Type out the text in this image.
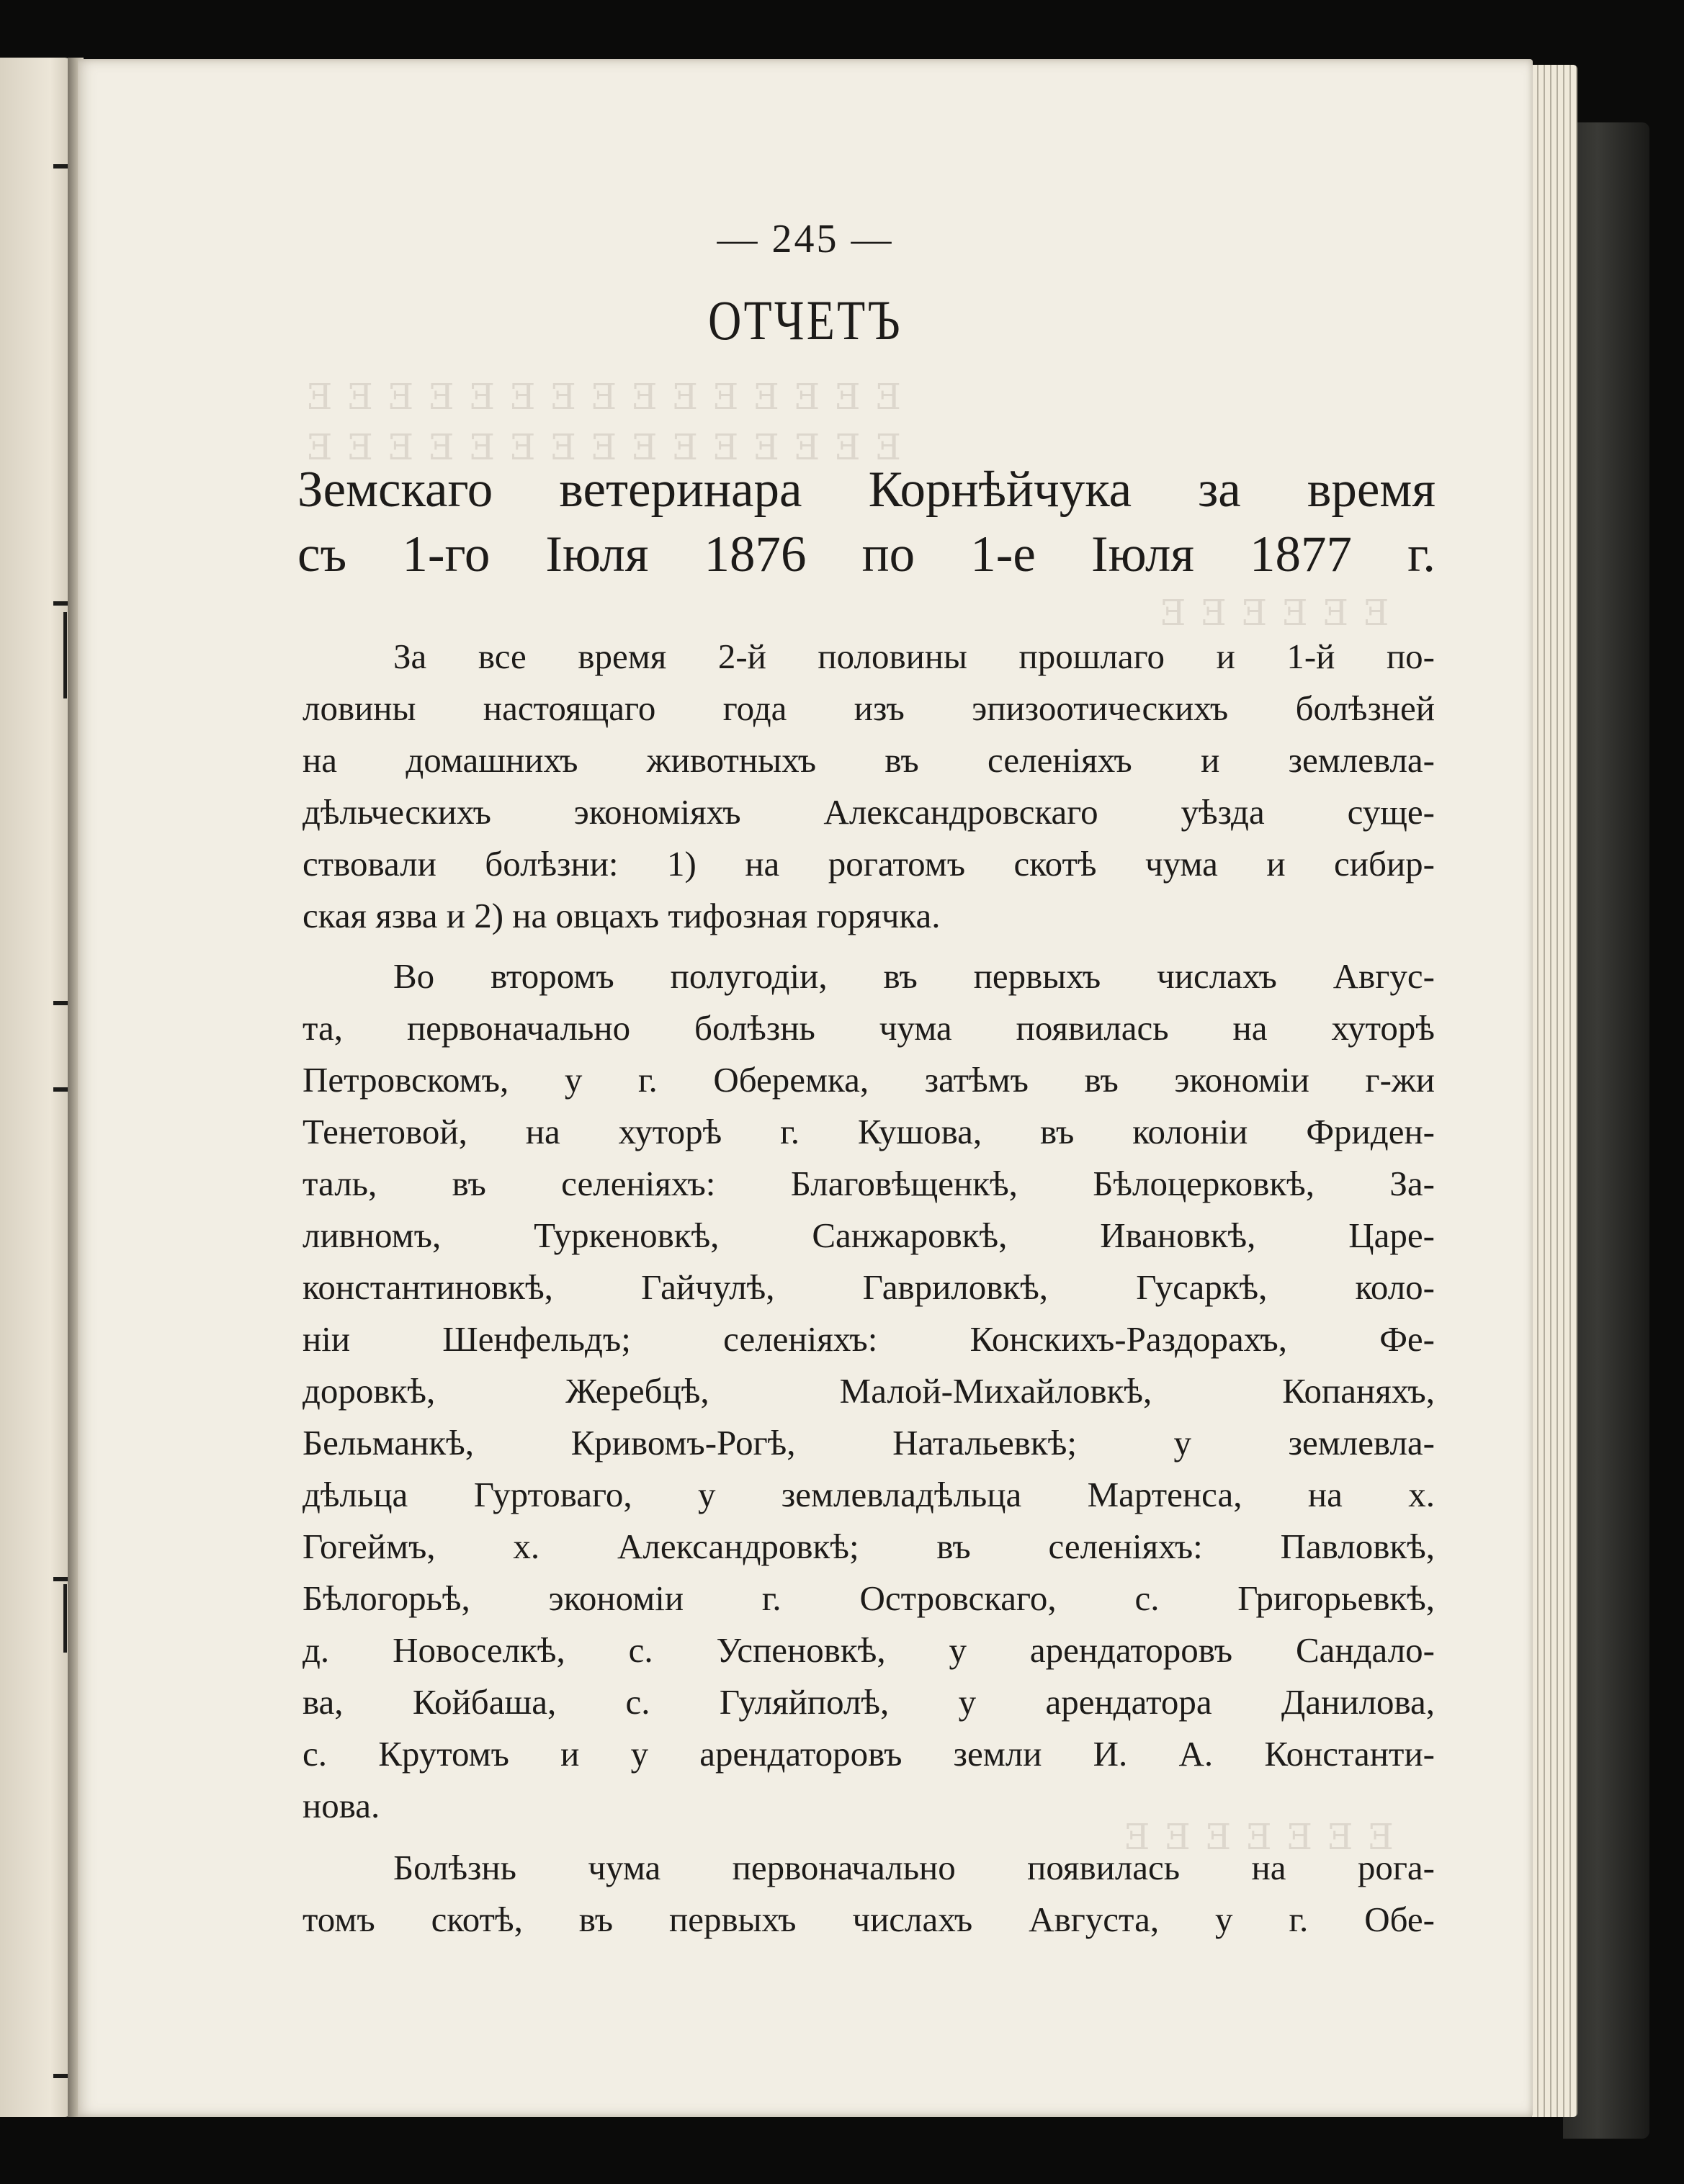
Е Е Е Е Е Е Е Е Е Е Е Е Е Е Е
Е Е Е Е Е Е Е Е Е Е Е Е Е Е Е
Е Е Е Е Е Е
Е Е Е Е Е Е Е
— 245 —
ОТЧЕТЪ
Земскаго ветеринара Корнѣйчука за время
съ 1-го Іюля 1876 по 1-е Іюля 1877 г.
За все время 2-й половины прошлаго и 1-й по-
ловины настоящаго года изъ эпизоотическихъ болѣзней
на домашнихъ животныхъ въ селеніяхъ и землевла-
дѣльческихъ экономіяхъ Александровскаго уѣзда суще-
ствовали болѣзни: 1) на рогатомъ скотѣ чума и сибир-
ская язва и 2) на овцахъ тифозная горячка.
Во второмъ полугодіи, въ первыхъ числахъ Авгус-
та, первоначально болѣзнь чума появилась на хуторѣ
Петровскомъ, у г. Оберемка, затѣмъ въ экономіи г-жи
Тенетовой, на хуторѣ г. Кушова, въ колоніи Фриден-
таль, въ селеніяхъ: Благовѣщенкѣ, Бѣлоцерковкѣ, За-
ливномъ, Туркеновкѣ, Санжаровкѣ, Ивановкѣ, Царе-
константиновкѣ, Гайчулѣ, Гавриловкѣ, Гусаркѣ, коло-
ніи Шенфельдъ; селеніяхъ: Конскихъ-Раздорахъ, Фе-
доровкѣ, Жеребцѣ, Малой-Михайловкѣ, Копаняхъ,
Бельманкѣ, Кривомъ-Рогѣ, Натальевкѣ; у землевла-
дѣльца Гуртоваго, у землевладѣльца Мартенса, на х.
Гогеймъ, х. Александровкѣ; въ селеніяхъ: Павловкѣ,
Бѣлогорьѣ, экономіи г. Островскаго, с. Григорьевкѣ,
д. Новоселкѣ, с. Успеновкѣ, у арендаторовъ Сандало-
ва, Койбаша, с. Гуляйполѣ, у арендатора Данилова,
с. Крутомъ и у арендаторовъ земли И. А. Константи-
нова.
Болѣзнь чума первоначально появилась на рога-
томъ скотѣ, въ первыхъ числахъ Августа, у г. Обе-
